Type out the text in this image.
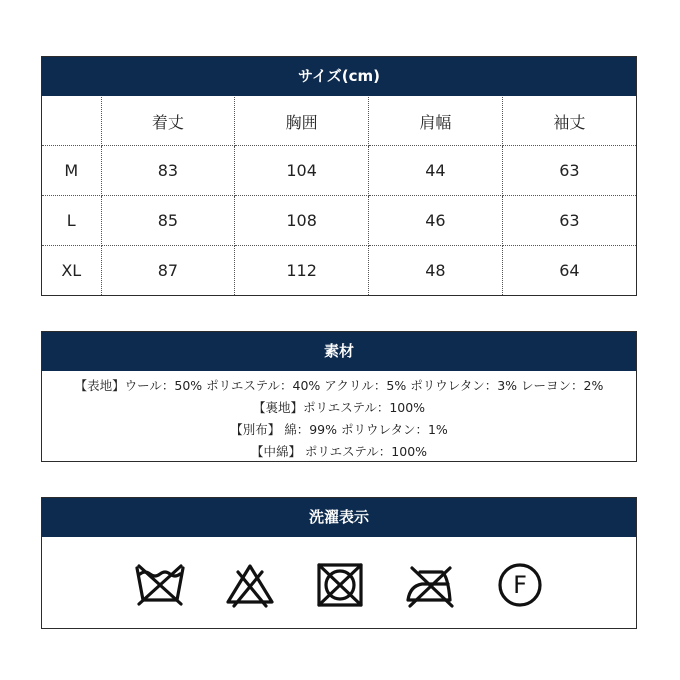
サイズ(cm)
	着丈	胸囲	肩幅	袖丈
M	83	104	44	63
L	85	108	46	63
XL	87	112	48	64
素材
【表地】ウール：50% ポリエステル：40% アクリル：5% ポリウレタン：3% レーヨン：2%
【裏地】ポリエステル：100%
【別布】 綿：99% ポリウレタン：1%
【中綿】 ポリエステル：100%
洗濯表示
F
